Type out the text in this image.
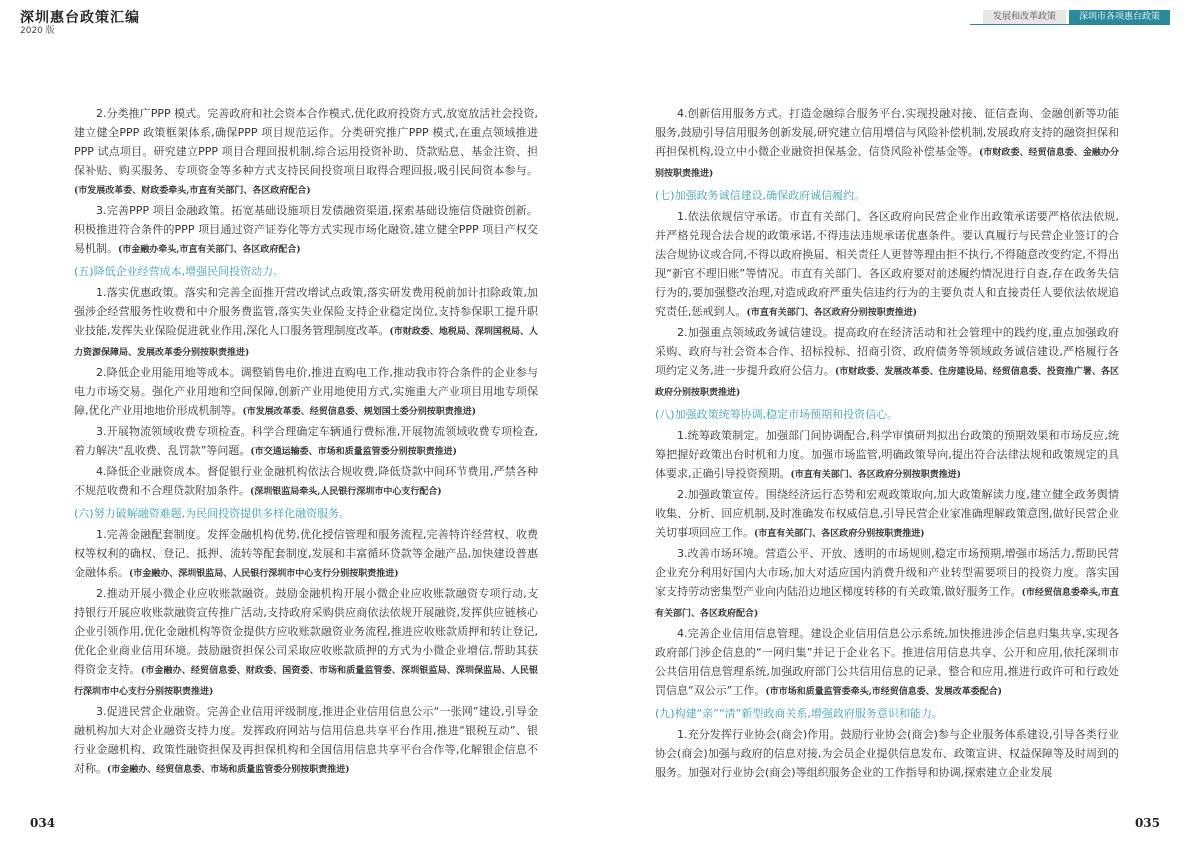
深圳惠台政策汇编
2020 版
发展和改革政策	深圳市各项惠台政策

2.分类推广PPP 模式。完善政府和社会资本合作模式,优化政府投资方式,放宽放活社会投资,建立健全PPP 政策框架体系,确保PPP 项目规范运作。分类研究推广PPP 模式,在重点领域推进PPP 试点项目。研究建立PPP 项目合理回报机制,综合运用投资补助、贷款贴息、基金注资、担保补贴、购买服务、专项资金等多种方式支持民间投资项目取得合理回报,吸引民间资本参与。(市发展改革委、财政委牵头,市直有关部门、各区政府配合)

3.完善PPP 项目金融政策。拓宽基础设施项目发债融资渠道,探索基础设施信贷融资创新。积极推进符合条件的PPP 项目通过资产证券化等方式实现市场化融资,建立健全PPP 项目产权交易机制。(市金融办牵头,市直有关部门、各区政府配合)

(五)降低企业经营成本,增强民间投资动力。

1.落实优惠政策。落实和完善全面推开营改增试点政策,落实研发费用税前加计扣除政策,加强涉企经营服务性收费和中介服务费监管,落实失业保险支持企业稳定岗位,支持参保职工提升职业技能,发挥失业保险促进就业作用,深化人口服务管理制度改革。(市财政委、地税局、深圳国税局、人力资源保障局、发展改革委分别按职责推进)

2.降低企业用能用地等成本。调整销售电价,推进直购电工作,推动我市符合条件的企业参与电力市场交易。强化产业用地和空间保障,创新产业用地使用方式,实施重大产业项目用地专项保障,优化产业用地地价形成机制等。(市发展改革委、经贸信息委、规划国土委分别按职责推进)

3.开展物流领域收费专项检查。科学合理确定车辆通行费标准,开展物流领域收费专项检查,着力解决“乱收费、乱罚款”等问题。(市交通运输委、市场和质量监管委分别按职责推进)

4.降低企业融资成本。督促银行业金融机构依法合规收费,降低贷款中间环节费用,严禁各种不规范收费和不合理贷款附加条件。(深圳银监局牵头,人民银行深圳市中心支行配合)

(六)努力破解融资难题,为民间投资提供多样化融资服务。

1.完善金融配套制度。发挥金融机构优势,优化授信管理和服务流程,完善特许经营权、收费权等权利的确权、登记、抵押、流转等配套制度,发展和丰富循环贷款等金融产品,加快建设普惠金融体系。(市金融办、深圳银监局、人民银行深圳市中心支行分别按职责推进)

2.推动开展小微企业应收账款融资。鼓励金融机构开展小微企业应收账款融资专项行动,支持银行开展应收账款融资宣传推广活动,支持政府采购供应商依法依规开展融资,发挥供应链核心企业引领作用,优化金融机构等资金提供方应收账款融资业务流程,推进应收账款质押和转让登记,优化企业商业信用环境。鼓励融资担保公司采取应收账款质押的方式为小微企业增信,帮助其获得资金支持。(市金融办、经贸信息委、财政委、国资委、市场和质量监管委、深圳银监局、深圳保监局、人民银行深圳市中心支行分别按职责推进)

3.促进民营企业融资。完善企业信用评级制度,推进企业信用信息公示“一张网”建设,引导金融机构加大对企业融资支持力度。发挥政府网站与信用信息共享平台作用,推进“银税互动”、银行业金融机构、政策性融资担保及再担保机构和全国信用信息共享平台合作等,化解银企信息不对称。(市金融办、经贸信息委、市场和质量监管委分别按职责推进)

4.创新信用服务方式。打造金融综合服务平台,实现投融对接、征信查询、金融创新等功能服务,鼓励引导信用服务创新发展,研究建立信用增信与风险补偿机制,发展政府支持的融资担保和再担保机构,设立中小微企业融资担保基金、信贷风险补偿基金等。(市财政委、经贸信息委、金融办分别按职责推进)

(七)加强政务诚信建设,确保政府诚信履约。

1.依法依规信守承诺。市直有关部门、各区政府向民营企业作出政策承诺要严格依法依规,并严格兑现合法合规的政策承诺,不得违法违规承诺优惠条件。要认真履行与民营企业签订的合法合规协议或合同,不得以政府换届、相关责任人更替等理由拒不执行,不得随意改变约定,不得出现“新官不理旧账”等情况。市直有关部门、各区政府要对前述履约情况进行自查,存在政务失信行为的,要加强整改治理,对造成政府严重失信违约行为的主要负责人和直接责任人要依法依规追究责任,惩戒到人。(市直有关部门、各区政府分别按职责推进)

2.加强重点领域政务诚信建设。提高政府在经济活动和社会管理中的践约度,重点加强政府采购、政府与社会资本合作、招标投标、招商引资、政府债务等领域政务诚信建设,严格履行各项约定义务,进一步提升政府公信力。(市财政委、发展改革委、住房建设局、经贸信息委、投资推广署、各区政府分别按职责推进)

(八)加强政策统筹协调,稳定市场预期和投资信心。

1.统筹政策制定。加强部门间协调配合,科学审慎研判拟出台政策的预期效果和市场反应,统筹把握好政策出台时机和力度。加强市场监管,明确政策导向,提出符合法律法规和政策规定的具体要求,正确引导投资预期。(市直有关部门、各区政府分别按职责推进)

2.加强政策宣传。围绕经济运行态势和宏观政策取向,加大政策解读力度,建立健全政务舆情收集、分析、回应机制,及时准确发布权威信息,引导民营企业家准确理解政策意图,做好民营企业关切事项回应工作。(市直有关部门、各区政府分别按职责推进)

3.改善市场环境。营造公平、开放、透明的市场规则,稳定市场预期,增强市场活力,帮助民营企业充分利用好国内大市场,加大对适应国内消费升级和产业转型需要项目的投资力度。落实国家支持劳动密集型产业向内陆沿边地区梯度转移的有关政策,做好服务工作。(市经贸信息委牵头,市直有关部门、各区政府配合)

4.完善企业信用信息管理。建设企业信用信息公示系统,加快推进涉企信息归集共享,实现各政府部门涉企信息的“一网归集”并记于企业名下。推进信用信息共享、公开和应用,依托深圳市公共信用信息管理系统,加强政府部门公共信用信息的记录、整合和应用,推进行政许可和行政处罚信息“双公示”工作。(市市场和质量监管委牵头,市经贸信息委、发展改革委配合)

(九)构建“亲”“清”新型政商关系,增强政府服务意识和能力。

1.充分发挥行业协会(商会)作用。鼓励行业协会(商会)参与企业服务体系建设,引导各类行业协会(商会)加强与政府的信息对接,为会员企业提供信息发布、政策宣讲、权益保障等及时周到的服务。加强对行业协会(商会)等组织服务企业的工作指导和协调,探索建立企业发展

034	035
